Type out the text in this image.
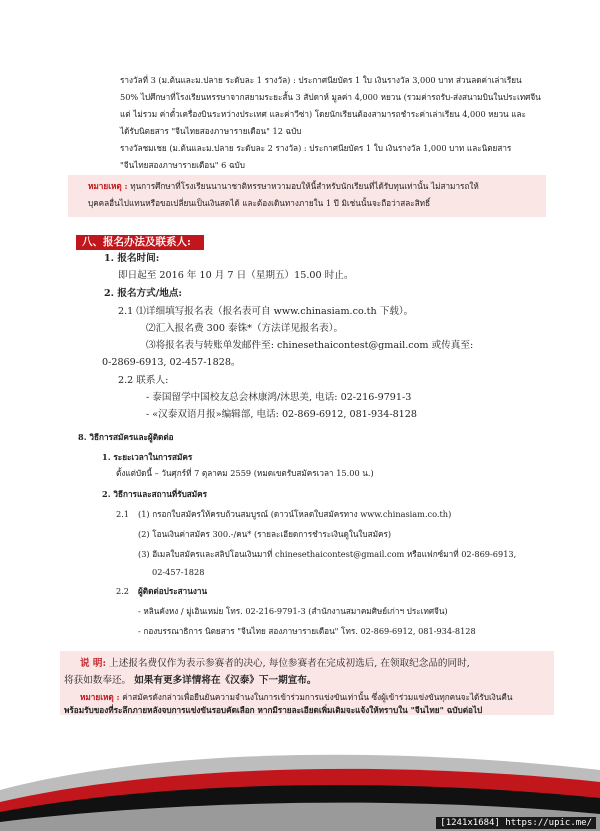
รางวัลที่ 3 (ม.ต้นและม.ปลาย ระดับละ 1 รางวัล) : ประกาศนียบัตร 1 ใบ เงินรางวัล 3,000 บาท ส่วนลดค่าเล่าเรียน
50% ไปศึกษาที่โรงเรียนหรรษาจากสยามระยะสั้น 3 สัปดาห์ มูลค่า 4,000 หยวน (รวมค่ารถรับ-ส่งสนามบินในประเทศจีน
แต่ ไม่รวม ค่าตั๋วเครื่องบินระหว่างประเทศ และค่าวีซ่า) โดยนักเรียนต้องสามารถชำระค่าเล่าเรียน 4,000 หยวน และ
ได้รับนิตยสาร "จีนไทยสองภาษารายเดือน" 12 ฉบับ
รางวัลชมเชย (ม.ต้นและม.ปลาย ระดับละ 2 รางวัล) : ประกาศนียบัตร 1 ใบ เงินรางวัล 1,000 บาท และนิตยสาร
"จีนไทยสองภาษารายเดือน" 6 ฉบับ
หมายเหตุ : ทุนการศึกษาที่โรงเรียนนานาชาติหรรษาหวามอบให้นี้สำหรับนักเรียนที่ได้รับทุนเท่านั้น ไม่สามารถให้
บุคคลอื่นไปแทนหรือขอเปลี่ยนเป็นเงินสดได้ และต้องเดินทางภายใน 1 ปี มิเช่นนั้นจะถือว่าสละสิทธิ์
八、报名办法及联系人:
1. 报名时间:
即日起至 2016 年 10 月 7 日（星期五）15.00 时止。
2. 报名方式/地点:
2.1 ⑴详细填写报名表（报名表可自 www.chinasiam.co.th 下载）。
⑵汇入报名费 300 泰铢*（方法详见报名表）。
⑶将报名表与转账单发邮件至: chinesethaicontest@gmail.com 或传真至:
0-2869-6913, 02-457-1828。
2.2 联系人:
- 泰国留学中国校友总会林康鸿/沐思美, 电话: 02-216-9791-3
- «汉泰双语月报»编辑部, 电话: 02-869-6912, 081-934-8128
8. วิธีการสมัครและผู้ติดต่อ
1. ระยะเวลาในการสมัคร
ตั้งแต่บัดนี้ – วันศุกร์ที่ 7 ตุลาคม 2559 (หมดเขตรับสมัครเวลา 15.00 น.)
2. วิธีการและสถานที่รับสมัคร
2.1 (1) กรอกใบสมัครให้ครบถ้วนสมบูรณ์ (ดาวน์โหลดใบสมัครทาง www.chinasiam.co.th)
(2) โอนเงินค่าสมัคร 300.-/คน* (รายละเอียดการชำระเงินดูในใบสมัคร)
(3) อีเมลใบสมัครและสลิปโอนเงินมาที่ chinesethaicontest@gmail.com หรือแฟกซ์มาที่ 02-869-6913,
02-457-1828
2.2 ผู้ติดต่อประสานงาน
- หลินคังหง / มู่เอินเหม่ย โทร. 02-216-9791-3 (สำนักงานสมาคมศิษย์เก่าฯ ประเทศจีน)
- กองบรรณาธิการ นิตยสาร "จีนไทย สองภาษารายเดือน" โทร. 02-869-6912, 081-934-8128
说 明: 上述报名费仅作为表示参赛者的决心, 每位参赛者在完成初选后, 在领取纪念品的同时,
将获如数奉还。 如果有更多详情将在《汉泰》下一期宣布。
หมายเหตุ : ค่าสมัครดังกล่าวเพื่อยืนยันความจำนงในการเข้าร่วมการแข่งขันเท่านั้น ซึ่งผู้เข้าร่วมแข่งขันทุกคนจะได้รับเงินคืน
พร้อมรับของที่ระลึกภายหลังจบการแข่งขันรอบคัดเลือก หากมีรายละเอียดเพิ่มเติมจะแจ้งให้ทราบใน "จีนไทย" ฉบับต่อไป
[1241x1684] https://upic.me/
